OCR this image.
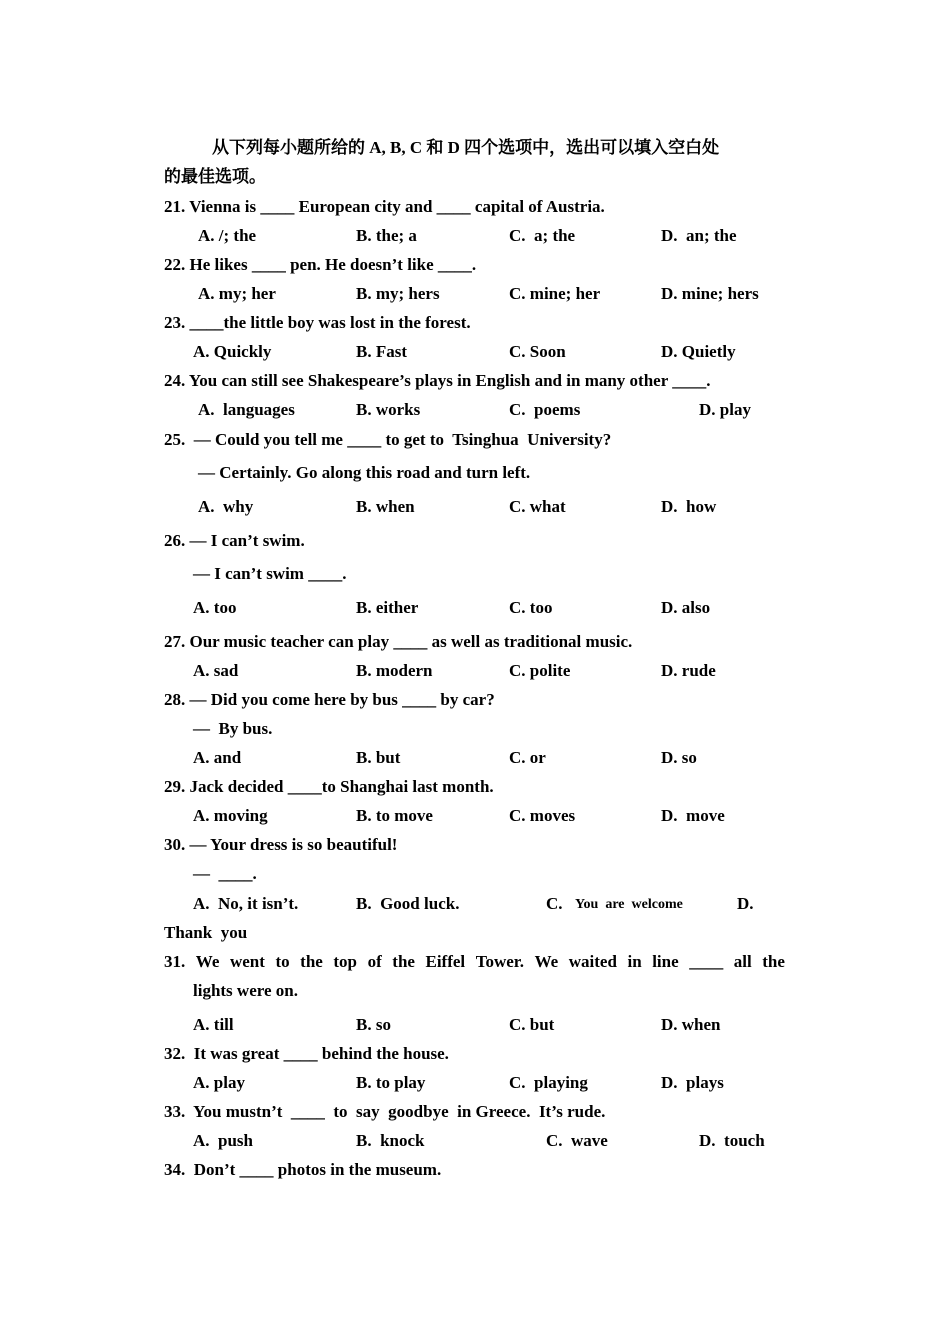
从下列每小题所给的 A, B, C 和 D 四个选项中，选出可以填入空白处
的最佳选项。
21. Vienna is ____ European city and ____ capital of Austria.
A. /; the	B. the; a	C.  a; the	D.  an; the
22. He likes ____ pen. He doesn’t like ____.
A. my; her	B. my; hers	C. mine; her	D. mine; hers
23. ____the little boy was lost in the forest.
A. Quickly	B. Fast	C. Soon	D. Quietly
24. You can still see Shakespeare’s plays in English and in many other ____.
A.  languages	B. works	C.  poems	D. play
25.  — Could you tell me ____ to get to  Tsinghua  University?
— Certainly. Go along this road and turn left.
A.  why	B. when	C. what	D.  how
26. — I can’t swim.
— I can’t swim ____.
A. too	B. either	C. too	D. also
27. Our music teacher can play ____ as well as traditional music.
A. sad	B. modern	C. polite	D. rude
28. — Did you come here by bus ____ by car?
—  By bus.
A. and	B. but	C. or	D. so
29. Jack decided ____to Shanghai last month.
A. moving	B. to move	C. moves	D.  move
30. — Your dress is so beautiful!
—  ____.
A.  No, it isn’t.	B.  Good luck.	C. You  are  welcome	D.
Thank  you
31. We went to the top of the Eiffel Tower. We waited in line ____ all the
lights were on.
A. till	B. so	C. but	D. when
32.  It was great ____ behind the house.
A. play	B. to play	C.  playing	D.  plays
33.  You mustn’t  ____  to  say  goodbye  in Greece.  It’s rude.
A.  push	B.  knock	C.  wave	D.  touch
34.  Don’t ____ photos in the museum.
